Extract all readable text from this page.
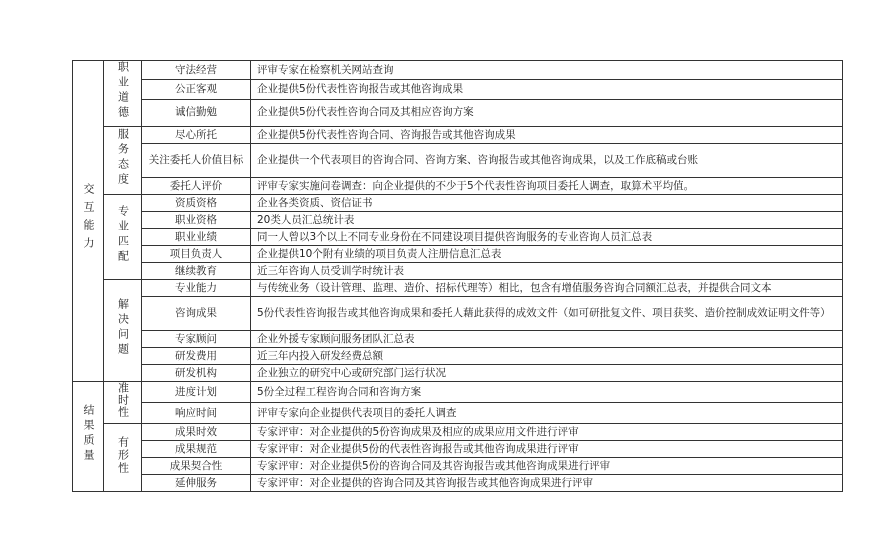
交互能力	职业道德	守法经营	评审专家在检察机关网站查询
		公正客观	企业提供5份代表性咨询报告或其他咨询成果
		诚信勤勉	企业提供5份代表性咨询合同及其相应咨询方案
	服务态度	尽心所托	企业提供5份代表性咨询合同、咨询报告或其他咨询成果
		关注委托人价值目标	企业提供一个代表项目的咨询合同、咨询方案、咨询报告或其他咨询成果，以及工作底稿或台账
		委托人评价	评审专家实施问卷调查：向企业提供的不少于5个代表性咨询项目委托人调查，取算术平均值。
	专业匹配	资质资格	企业各类资质、资信证书
		职业资格	20类人员汇总统计表
		职业业绩	同一人曾以3个以上不同专业身份在不同建设项目提供咨询服务的专业咨询人员汇总表
		项目负责人	企业提供10个附有业绩的项目负责人注册信息汇总表
		继续教育	近三年咨询人员受训学时统计表
	解决问题	专业能力	与传统业务（设计管理、监理、造价、招标代理等）相比，包含有增值服务咨询合同额汇总表，并提供合同文本
		咨询成果	5份代表性咨询报告或其他咨询成果和委托人藉此获得的成效文件（如可研批复文件、项目获奖、造价控制成效证明文件等）
		专家顾问	企业外援专家顾问服务团队汇总表
		研发费用	近三年内投入研发经费总额
		研发机构	企业独立的研究中心或研究部门运行状况
结果质量	准时性	进度计划	5份全过程工程咨询合同和咨询方案
		响应时间	评审专家向企业提供代表项目的委托人调查
	有形性	成果时效	专家评审：对企业提供的5份咨询成果及相应的成果应用文件进行评审
		成果规范	专家评审：对企业提供5份的代表性咨询报告或其他咨询成果进行评审
		成果契合性	专家评审：对企业提供5份的咨询合同及其咨询报告或其他咨询成果进行评审
		延伸服务	专家评审：对企业提供的咨询合同及其咨询报告或其他咨询成果进行评审
